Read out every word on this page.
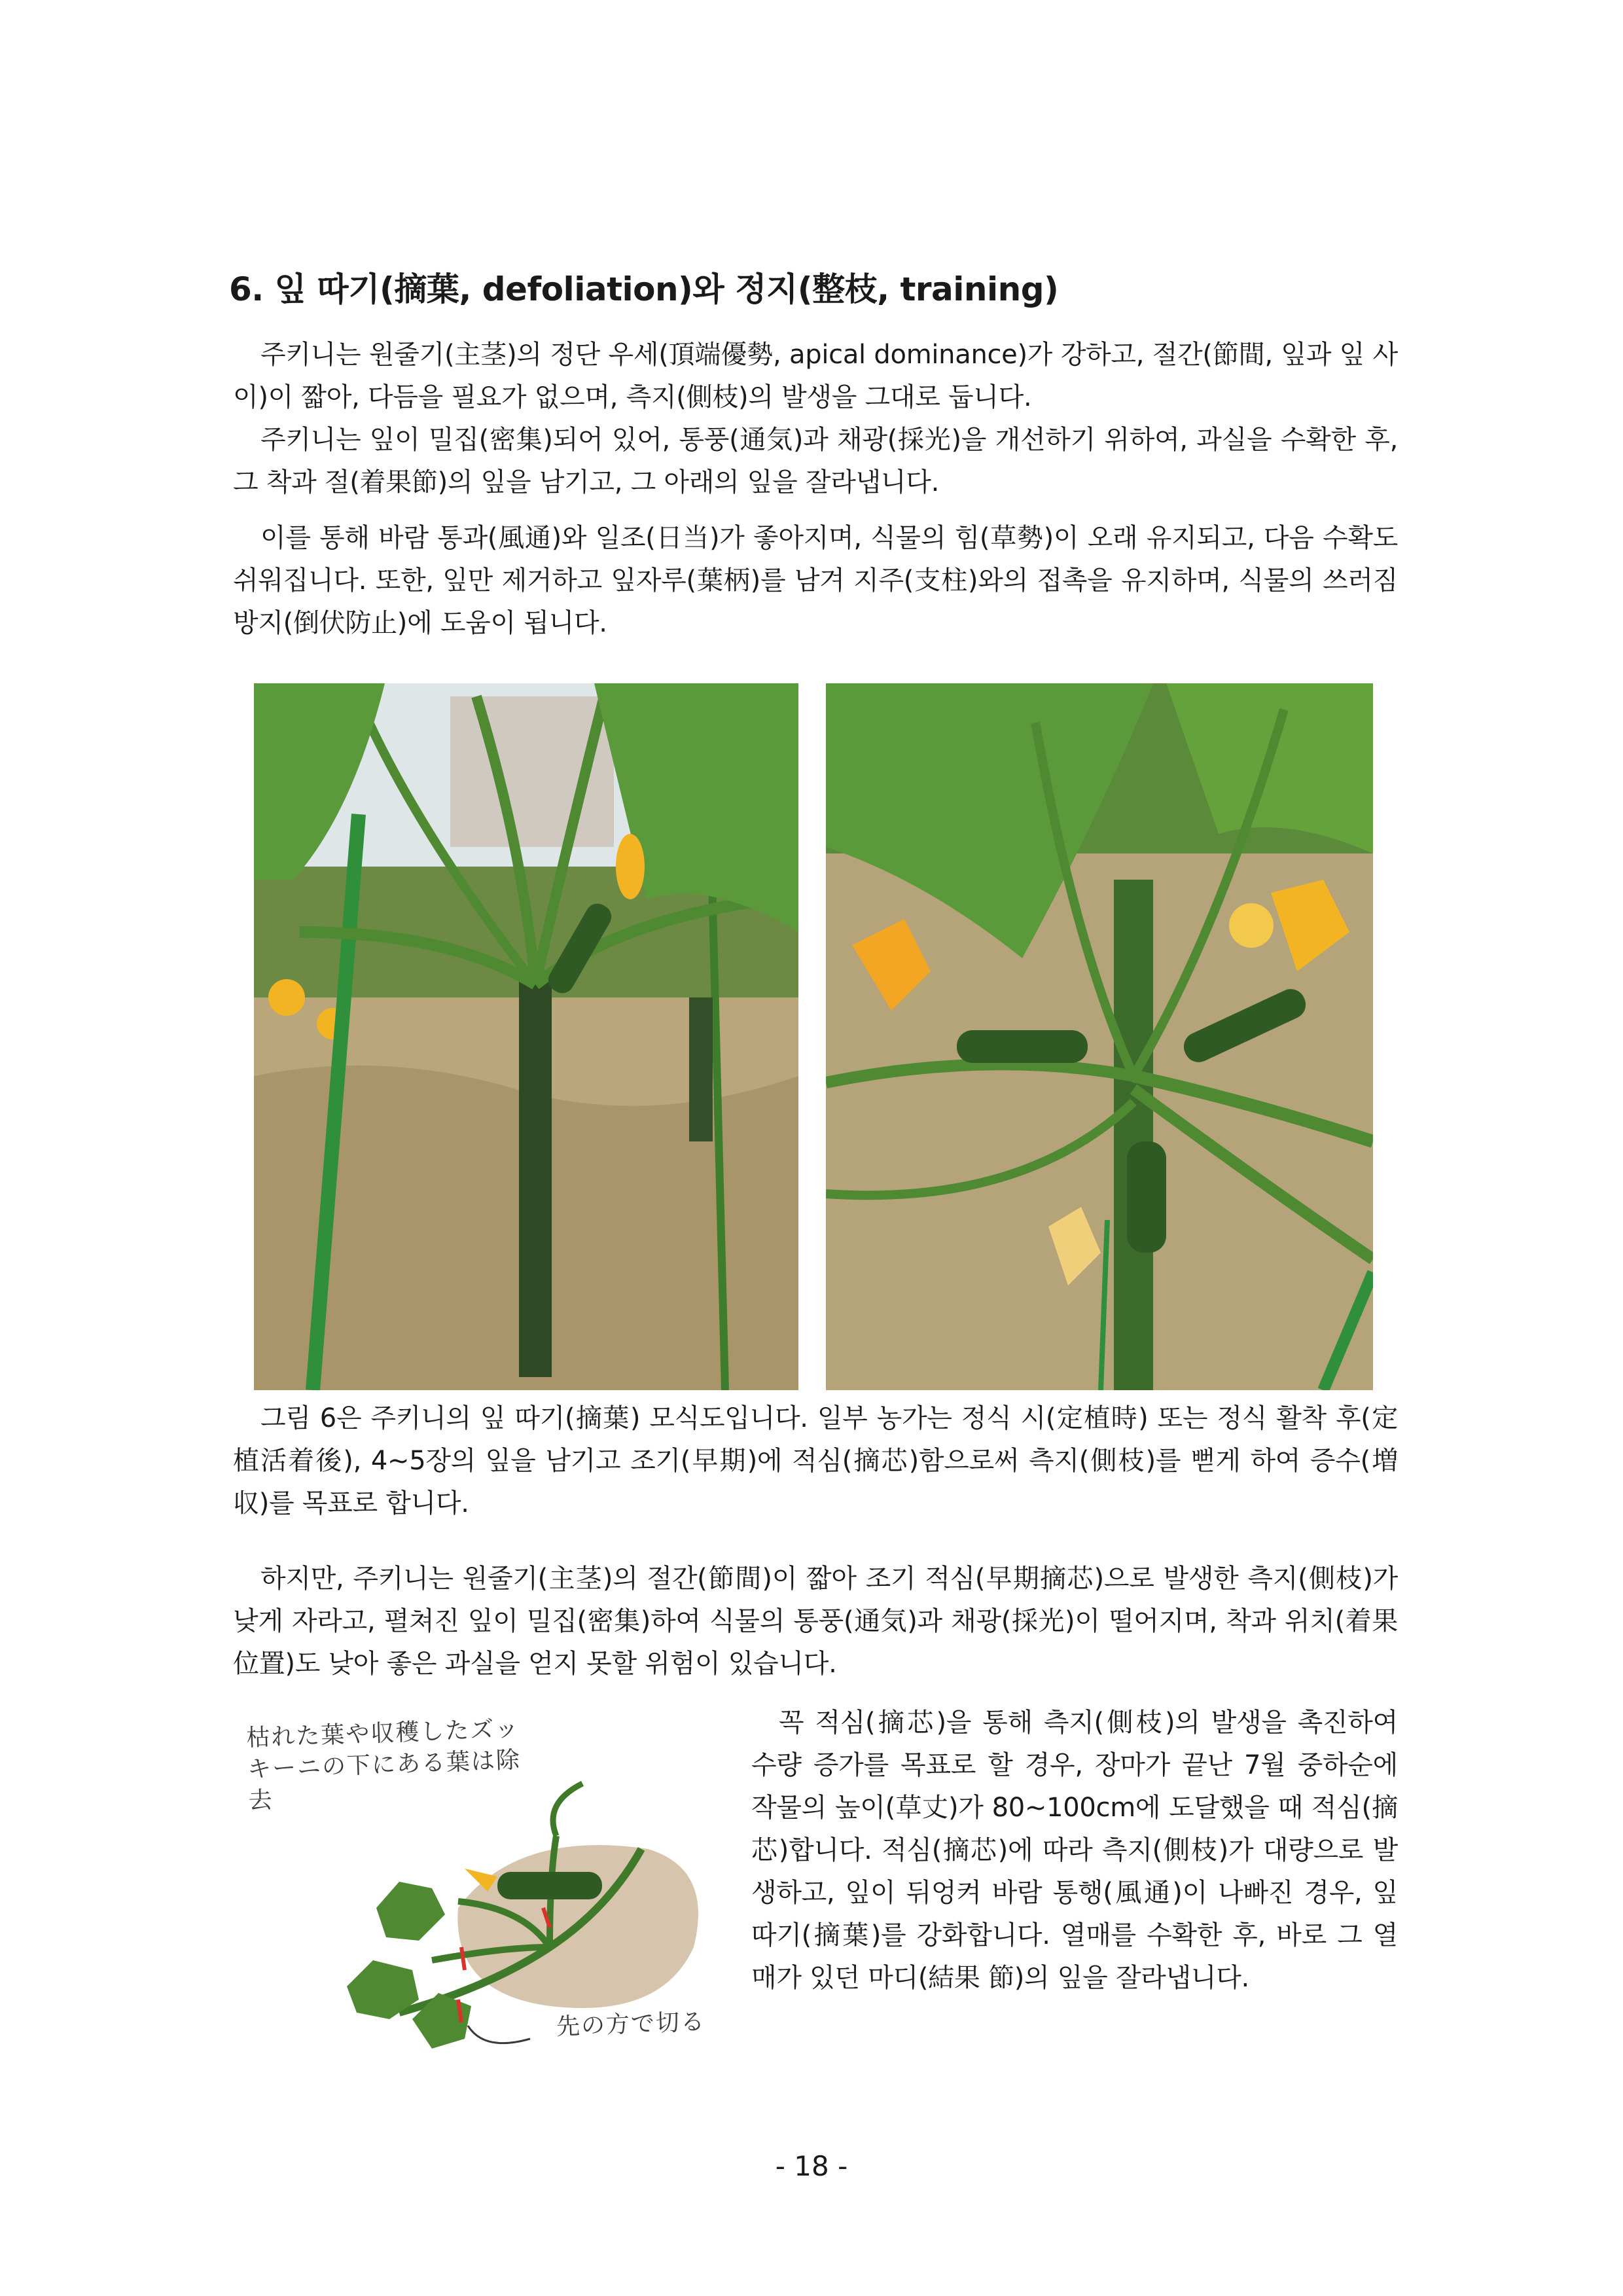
6. 잎 따기(摘葉, defoliation)와 정지(整枝, training)

주키니는 원줄기(主茎)의 정단 우세(頂端優勢, apical dominance)가 강하고, 절간(節間, 잎과 잎 사이)이 짧아, 다듬을 필요가 없으며, 측지(側枝)의 발생을 그대로 둡니다.

주키니는 잎이 밀집(密集)되어 있어, 통풍(通気)과 채광(採光)을 개선하기 위하여, 과실을 수확한 후, 그 착과 절(着果節)의 잎을 남기고, 그 아래의 잎을 잘라냅니다.

이를 통해 바람 통과(風通)와 일조(日当)가 좋아지며, 식물의 힘(草勢)이 오래 유지되고, 다음 수확도 쉬워집니다. 또한, 잎만 제거하고 잎자루(葉柄)를 남겨 지주(支柱)와의 접촉을 유지하며, 식물의 쓰러짐 방지(倒伏防止)에 도움이 됩니다.

그림 6은 주키니의 잎 따기(摘葉) 모식도입니다. 일부 농가는 정식 시(定植時) 또는 정식 활착 후(定植活着後), 4~5장의 잎을 남기고 조기(早期)에 적심(摘芯)함으로써 측지(側枝)를 뻗게 하여 증수(増収)를 목표로 합니다.

하지만, 주키니는 원줄기(主茎)의 절간(節間)이 짧아 조기 적심(早期摘芯)으로 발생한 측지(側枝)가 낮게 자라고, 펼쳐진 잎이 밀집(密集)하여 식물의 통풍(通気)과 채광(採光)이 떨어지며, 착과 위치(着果位置)도 낮아 좋은 과실을 얻지 못할 위험이 있습니다.

枯れた葉や収穫したズッキーニの下にある葉は除去
先の方で切る

꼭 적심(摘芯)을 통해 측지(側枝)의 발생을 촉진하여 수량 증가를 목표로 할 경우, 장마가 끝난 7월 중하순에 작물의 높이(草丈)가 80~100cm에 도달했을 때 적심(摘芯)합니다. 적심(摘芯)에 따라 측지(側枝)가 대량으로 발생하고, 잎이 뒤엉켜 바람 통행(風通)이 나빠진 경우, 잎 따기(摘葉)를 강화합니다. 열매를 수확한 후, 바로 그 열매가 있던 마디(結果 節)의 잎을 잘라냅니다.

- 18 -
